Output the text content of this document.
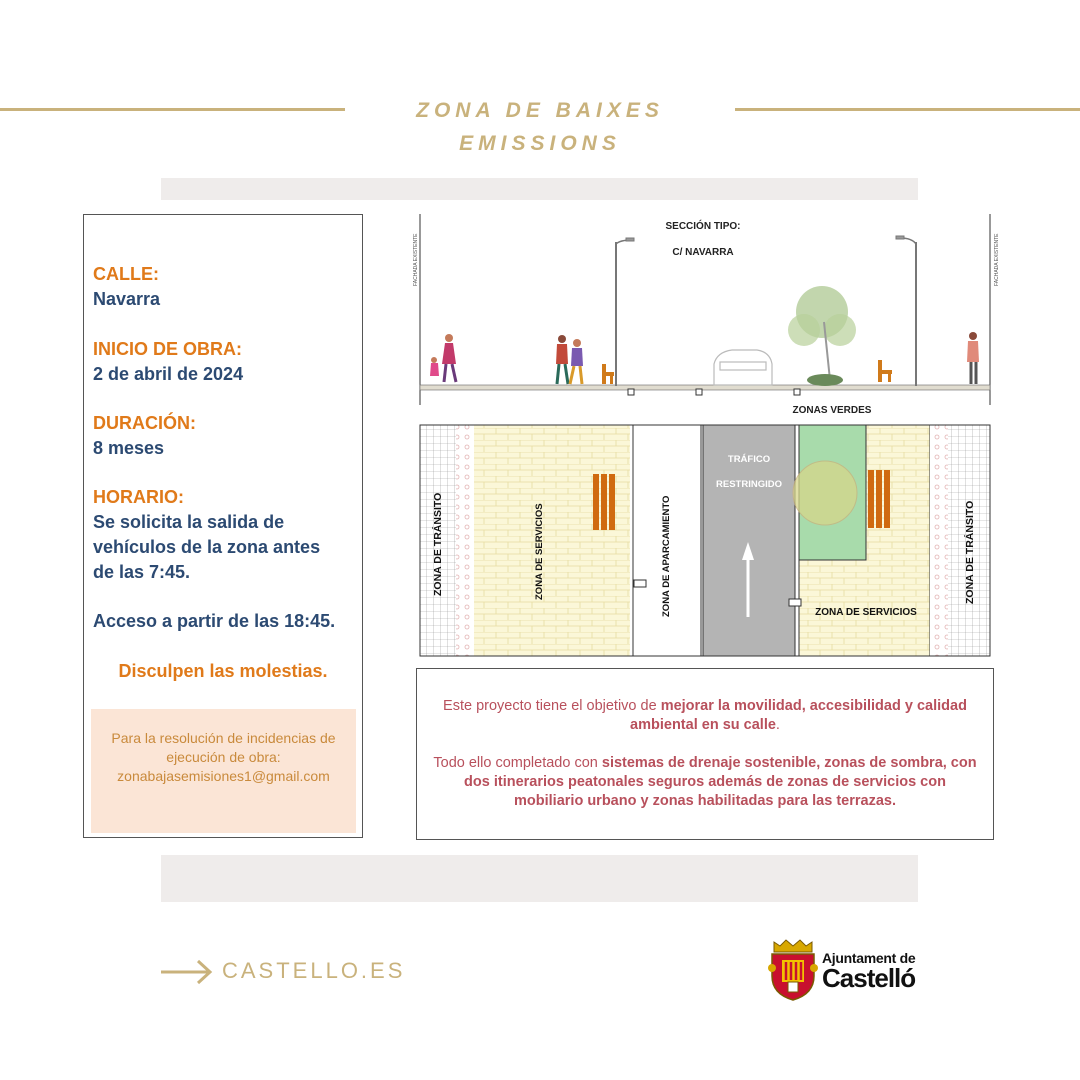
ZONA DE BAIXES
EMISSIONS
CALLE:
Navarra
INICIO DE OBRA:
2 de abril de 2024
DURACIÓN:
8 meses
HORARIO:
Se solicita la salida de
vehículos de la zona antes
de las 7:45.
Acceso a partir de las 18:45.
Disculpen las molestias.
Para la resolución de incidencias de
ejecución de obra:
zonabajasemisiones1@gmail.com
FACHADA EXISTENTE	FACHADA EXISTENTE
SECCIÓN TIPO:
C/ NAVARRA
ZONAS VERDES
ZONA DE TRÁNSITO	ZONA DE SERVICIOS	ZONA DE APARCAMIENTO
TRÁFICO
RESTRINGIDO
ZONA DE SERVICIOS
ZONA DE TRÁNSITO
Este proyecto tiene el objetivo de mejorar la movilidad, accesibilidad y calidad ambiental en su calle.
Todo ello completado con sistemas de drenaje sostenible, zonas de sombra, con dos itinerarios peatonales seguros además de zonas de servicios con mobiliario urbano y zonas habilitadas para las terrazas.
CASTELLO.ES	Ajuntament de
Castelló
